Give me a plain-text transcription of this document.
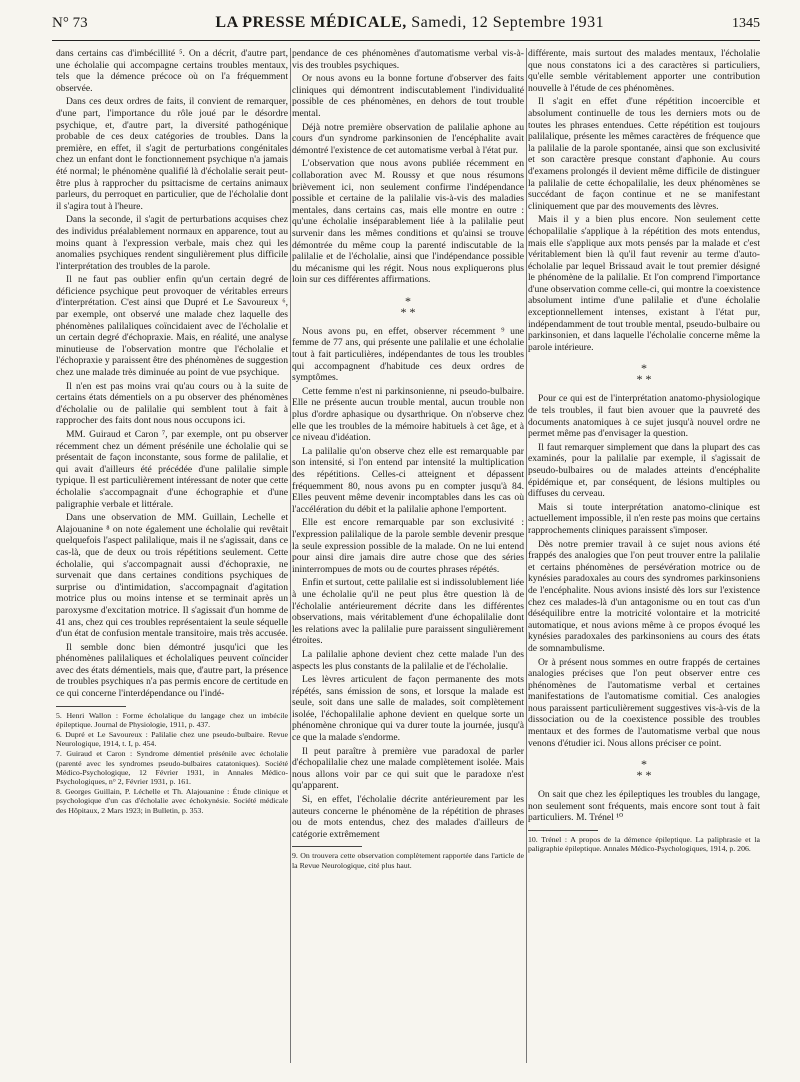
N° 73	LA PRESSE MÉDICALE, Samedi, 12 Septembre 1931	1345

dans certains cas d'imbécillité ⁵. On a décrit, d'autre part, une écholalie qui accompagne certains troubles mentaux, tels que la démence précoce où on l'a fréquemment observée.

Dans ces deux ordres de faits, il convient de remarquer, d'une part, l'importance du rôle joué par le désordre psychique, et, d'autre part, la diversité pathogénique probable de ces deux catégories de troubles. Dans la première, en effet, il s'agit de perturbations congénitales chez un enfant dont le fonctionnement psychique n'a jamais été normal; le phénomène qualifié là d'écholalie serait peut-être plus à rapprocher du psittacisme de certains animaux parleurs, du perroquet en particulier, que de l'écholalie dont il s'agira tout à l'heure.

Dans la seconde, il s'agit de perturbations acquises chez des individus préalablement normaux en apparence, tout au moins quant à l'expression verbale, mais chez qui les anomalies psychiques rendent singulièrement plus difficile l'interprétation des troubles de la parole.

Il ne faut pas oublier enfin qu'un certain degré de déficience psychique peut provoquer de véritables erreurs d'interprétation. C'est ainsi que Dupré et Le Savoureux ⁶, par exemple, ont observé une malade chez laquelle des phénomènes palilaliques coïncidaient avec de l'écholalie et un certain degré d'échopraxie. Mais, en réalité, une analyse minutieuse de l'observation montre que l'écholalie et l'échopraxie y paraissent être des phénomènes de suggestion chez une malade très diminuée au point de vue psychique.

Il n'en est pas moins vrai qu'au cours ou à la suite de certains états démentiels on a pu observer des phénomènes d'écholalie ou de palilalie qui semblent tout à fait à rapprocher des faits dont nous nous occupons ici.

MM. Guiraud et Caron ⁷, par exemple, ont pu observer récemment chez un dément présénile une écholalie qui se présentait de façon inconstante, sous forme de palilalie, et qui avait d'ailleurs été précédée d'une palilalie simple typique. Il est particulièrement intéressant de noter que cette écholalie s'accompagnait d'une échographie et d'une paligraphie verbale et littérale.

Dans une observation de MM. Guillain, Lechelle et Alajouanine ⁸ on note également une écholalie qui revêtait quelquefois l'aspect palilalique, mais il ne s'agissait, dans ce cas-là, que de deux ou trois répétitions seulement. Cette écholalie, qui s'accompagnait aussi d'échopraxie, ne survenait que dans certaines conditions psychiques de surprise ou d'intimidation, s'accompagnait d'agitation motrice plus ou moins intense et se terminait après un paroxysme d'excitation motrice. Il s'agissait d'un homme de 41 ans, chez qui ces troubles représentaient la seule séquelle d'un état de confusion mentale transitoire, mais très accusée.

Il semble donc bien démontré jusqu'ici que les phénomènes palilaliques et écholaliques peuvent coïncider avec des états démentiels, mais que, d'autre part, la présence de troubles psychiques n'a pas permis encore de certitude en ce qui concerne l'interdépendance ou l'indé-

5. Henri Wallon : Forme écholalique du langage chez un imbécile épileptique. Journal de Physiologie, 1911, p. 437.

6. Dupré et Le Savoureux : Palilalie chez une pseudo-bulbaire. Revue Neurologique, 1914, t. I, p. 454.

7. Guiraud et Caron : Syndrome démentiel présénile avec écholalie (parenté avec les syndromes pseudo-bulbaires catatoniques). Société Médico-Psychologique, 12 Février 1931, in Annales Médico-Psychologiques, n° 2, Février 1931, p. 161.

8. Georges Guillain, P. Léchelle et Th. Alajouanine : Étude clinique et psychologique d'un cas d'écholalie avec échokynésie. Société médicale des Hôpitaux, 2 Mars 1923; in Bulletin, p. 353.

pendance de ces phénomènes d'automatisme verbal vis-à-vis des troubles psychiques.

Or nous avons eu la bonne fortune d'observer des faits cliniques qui démontrent indiscutablement l'individualité possible de ces phénomènes, en dehors de tout trouble mental.

Déjà notre première observation de palilalie aphone au cours d'un syndrome parkinsonien de l'encéphalite avait démontré l'existence de cet automatisme verbal à l'état pur.

L'observation que nous avons publiée récemment en collaboration avec M. Roussy et que nous résumons brièvement ici, non seulement confirme l'indépendance possible et certaine de la palilalie vis-à-vis des maladies mentales, dans certains cas, mais elle montre en outre : qu'une écholalie inséparablement liée à la palilalie peut survenir dans les mêmes conditions et qu'ainsi se trouve démontrée du même coup la parenté indiscutable de la palilalie et de l'écholalie, ainsi que l'indépendance possible du mécanisme qui les régit. Nous nous expliquerons plus loin sur ces différentes affirmations.

*
* *

Nous avons pu, en effet, observer récemment ⁹ une femme de 77 ans, qui présente une palilalie et une écholalie tout à fait particulières, indépendantes de tous les troubles qui accompagnent d'habitude ces deux ordres de symptômes.

Cette femme n'est ni parkinsonienne, ni pseudo-bulbaire. Elle ne présente aucun trouble mental, aucun trouble non plus d'ordre aphasique ou dysarthrique. On n'observe chez elle que les troubles de la mémoire habituels à cet âge, et à ce niveau d'idéation.

La palilalie qu'on observe chez elle est remarquable par son intensité, si l'on entend par intensité la multiplication des répétitions. Celles-ci atteignent et dépassent fréquemment 80, nous avons pu en compter jusqu'à 84. Elles peuvent même devenir incomptables dans les cas où l'accélération du débit et la palilalie aphone l'emportent.

Elle est encore remarquable par son exclusivité : l'expression palilalique de la parole semble devenir presque la seule expression possible de la malade. On ne lui entend pour ainsi dire jamais dire autre chose que des séries ininterrompues de mots ou de courtes phrases répétés.

Enfin et surtout, cette palilalie est si indissolublement liée à une écholalie qu'il ne peut plus être question là de l'écholalie antérieurement décrite dans les différentes observations, mais véritablement d'une échopalilalie dont les relations avec la palilalie pure paraissent singulièrement étroites.

La palilalie aphone devient chez cette malade l'un des aspects les plus constants de la palilalie et de l'écholalie.

Les lèvres articulent de façon permanente des mots répétés, sans émission de sons, et lorsque la malade est seule, soit dans une salle de malades, soit complètement isolée, l'échopalilalie aphone devient en quelque sorte un phénomène chronique qui va durer toute la journée, jusqu'à ce que la malade s'endorme.

Il peut paraître à première vue paradoxal de parler d'échopalilalie chez une malade complètement isolée. Mais nous allons voir par ce qui suit que le paradoxe n'est qu'apparent.

Si, en effet, l'écholalie décrite antérieurement par les auteurs concerne le phénomène de la répétition de phrases ou de mots entendus, chez des malades d'ailleurs de catégorie extrêmement

9. On trouvera cette observation complètement rapportée dans l'article de la Revue Neurologique, cité plus haut.

différente, mais surtout des malades mentaux, l'écholalie que nous constatons ici a des caractères si particuliers, qu'elle semble véritablement apporter une contribution nouvelle à l'étude de ces phénomènes.

Il s'agit en effet d'une répétition incoercible et absolument continuelle de tous les derniers mots ou de toutes les phrases entendues. Cette répétition est toujours palilalique, présente les mêmes caractères de fréquence que la palilalie de la parole spontanée, ainsi que son exclusivité et son caractère presque constant d'aphonie. Au cours d'examens prolongés il devient même difficile de distinguer la palilalie de cette échopalilalie, les deux phénomènes se succédant de façon continue et ne se manifestant cliniquement que par des mouvements des lèvres.

Mais il y a bien plus encore. Non seulement cette échopalilalie s'applique à la répétition des mots entendus, mais elle s'applique aux mots pensés par la malade et c'est véritablement bien là qu'il faut revenir au terme d'auto-écholalie par lequel Brissaud avait le tout premier désigné le phénomène de la palilalie. Et l'on comprend l'importance d'une observation comme celle-ci, qui montre la coexistence absolument intime d'une palilalie et d'une écholalie exceptionnellement intenses, existant à l'état pur, indépendamment de tout trouble mental, pseudo-bulbaire ou parkinsonien, et dans laquelle l'écholalie concerne même la parole intérieure.

*
* *

Pour ce qui est de l'interprétation anatomo-physiologique de tels troubles, il faut bien avouer que la pauvreté des documents anatomiques à ce sujet jusqu'à nouvel ordre ne permet même pas d'envisager la question.

Il faut remarquer simplement que dans la plupart des cas examinés, pour la palilalie par exemple, il s'agissait de pseudo-bulbaires ou de malades atteints d'encéphalite épidémique et, par conséquent, de lésions multiples ou diffuses du cerveau.

Mais si toute interprétation anatomo-clinique est actuellement impossible, il n'en reste pas moins que certains rapprochements cliniques paraissent s'imposer.

Dès notre premier travail à ce sujet nous avions été frappés des analogies que l'on peut trouver entre la palilalie et certains phénomènes de persévération motrice ou de kynésies paradoxales au cours des syndromes parkinsoniens de l'encéphalite. Nous avions insisté dès lors sur l'existence chez ces malades-là d'un antagonisme ou en tout cas d'un déséquilibre entre la motricité volontaire et la motricité automatique, et nous avions même à ce propos évoqué les kynésies paradoxales des parkinsoniens au cours des états de somnambulisme.

Or à présent nous sommes en outre frappés de certaines analogies précises que l'on peut observer entre ces phénomènes de l'automatisme verbal et certaines manifestations de l'automatisme comitial. Ces analogies nous paraissent particulièrement suggestives vis-à-vis de la dissociation ou de la coexistence possible des troubles mentaux et des formes de l'automatisme verbal que nous venons d'étudier ici. Nous allons préciser ce point.

*
* *

On sait que chez les épileptiques les troubles du langage, non seulement sont fréquents, mais encore sont tout à fait particuliers. M. Trénel ¹⁰

10. Trénel : A propos de la démence épileptique. La paliphrasie et la paligraphie épileptique. Annales Médico-Psychologiques, 1914, p. 206.
